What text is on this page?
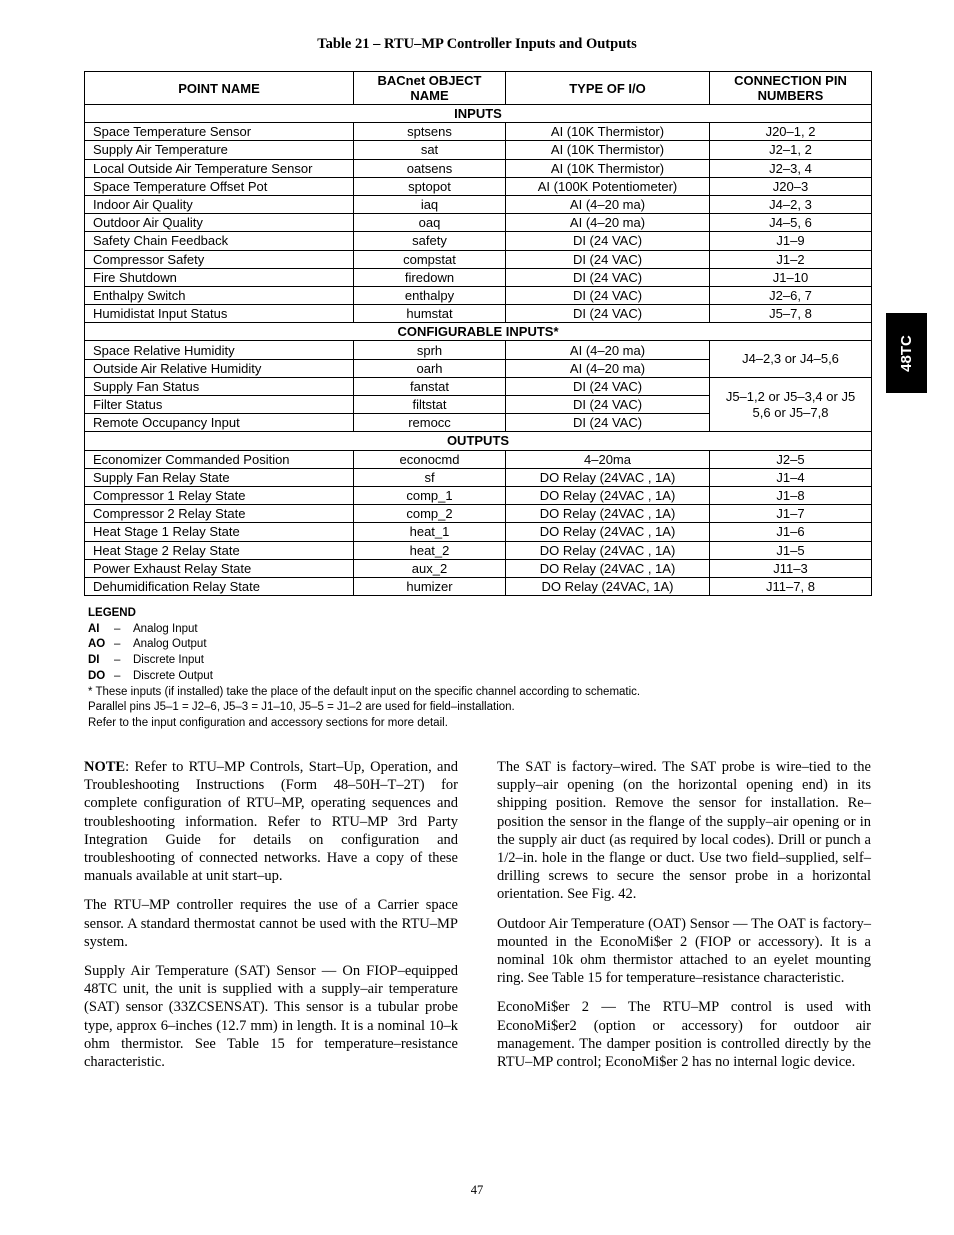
Table 21 – RTU–MP Controller Inputs and Outputs
POINT NAME	BACnet OBJECT NAME	TYPE OF I/O	CONNECTION PIN NUMBERS
INPUTS			
Space Temperature Sensor	sptsens	AI (10K Thermistor)	J20–1, 2
Supply Air Temperature	sat	AI (10K Thermistor)	J2–1, 2
Local Outside Air Temperature Sensor	oatsens	AI (10K Thermistor)	J2–3, 4
Space Temperature Offset Pot	sptopot	AI (100K Potentiometer)	J20–3
Indoor Air Quality	iaq	AI (4–20 ma)	J4–2, 3
Outdoor Air Quality	oaq	AI (4–20 ma)	J4–5, 6
Safety Chain Feedback	safety	DI (24 VAC)	J1–9
Compressor Safety	compstat	DI (24 VAC)	J1–2
Fire Shutdown	firedown	DI (24 VAC)	J1–10
Enthalpy Switch	enthalpy	DI (24 VAC)	J2–6, 7
Humidistat Input Status	humstat	DI (24 VAC)	J5–7, 8
CONFIGURABLE INPUTS*			
Space Relative Humidity	sprh	AI (4–20 ma)	J4–2,3 or J4–5,6
Outside Air Relative Humidity	oarh	AI (4–20 ma)	
Supply Fan Status	fanstat	DI (24 VAC)	J5–1,2 or J5–3,4 or J5 5,6 or J5–7,8
Filter Status	filtstat	DI (24 VAC)	
Remote Occupancy Input	remocc	DI (24 VAC)	
OUTPUTS			
Economizer Commanded Position	econocmd	4–20ma	J2–5
Supply Fan Relay State	sf	DO Relay (24VAC , 1A)	J1–4
Compressor 1 Relay State	comp_1	DO Relay (24VAC , 1A)	J1–8
Compressor 2 Relay State	comp_2	DO Relay (24VAC , 1A)	J1–7
Heat Stage 1 Relay State	heat_1	DO Relay (24VAC , 1A)	J1–6
Heat Stage 2 Relay State	heat_2	DO Relay (24VAC , 1A)	J1–5
Power Exhaust Relay State	aux_2	DO Relay (24VAC , 1A)	J11–3
Dehumidification Relay State	humizer	DO Relay (24VAC, 1A)	J11–7, 8
LEGEND
AI	–	Analog Input
AO –	Analog Output
DI	–	Discrete Input
DO –	Discrete Output
* These inputs (if installed) take the place of the default input on the specific channel according to schematic.
Parallel pins J5–1 = J2–6, J5–3 = J1–10, J5–5 = J1–2 are used for field–installation.
Refer to the input configuration and accessory sections for more detail.

NOTE: Refer to RTU–MP Controls, Start–Up, Operation, and Troubleshooting Instructions (Form 48–50H–T–2T) for complete configuration of RTU–MP, operating sequences and troubleshooting information. Refer to RTU–MP 3rd Party Integration Guide for details on configuration and troubleshooting of connected networks. Have a copy of these manuals available at unit start–up.

The RTU–MP controller requires the use of a Carrier space sensor. A standard thermostat cannot be used with the RTU–MP system.

Supply Air Temperature (SAT) Sensor — On FIOP–equipped 48TC unit, the unit is supplied with a supply–air temperature (SAT) sensor (33ZCSENSAT). This sensor is a tubular probe type, approx 6–inches (12.7 mm) in length. It is a nominal 10–k ohm thermistor. See Table 15 for temperature–resistance characteristic.

The SAT is factory–wired. The SAT probe is wire–tied to the supply–air opening (on the horizontal opening end) in its shipping position. Remove the sensor for installation. Re–position the sensor in the flange of the supply–air opening or in the supply air duct (as required by local codes). Drill or punch a 1/2–in. hole in the flange or duct. Use two field–supplied, self–drilling screws to secure the sensor probe in a horizontal orientation. See Fig. 42.

Outdoor Air Temperature (OAT) Sensor — The OAT is factory–mounted in the EconoMi$er 2 (FIOP or accessory). It is a nominal 10k ohm thermistor attached to an eyelet mounting ring. See Table 15 for temperature–resistance characteristic.

EconoMi$er 2 — The RTU–MP control is used with EconoMi$er2 (option or accessory) for outdoor air management. The damper position is controlled directly by the RTU–MP control; EconoMi$er 2 has no internal logic device.

48TC
47
